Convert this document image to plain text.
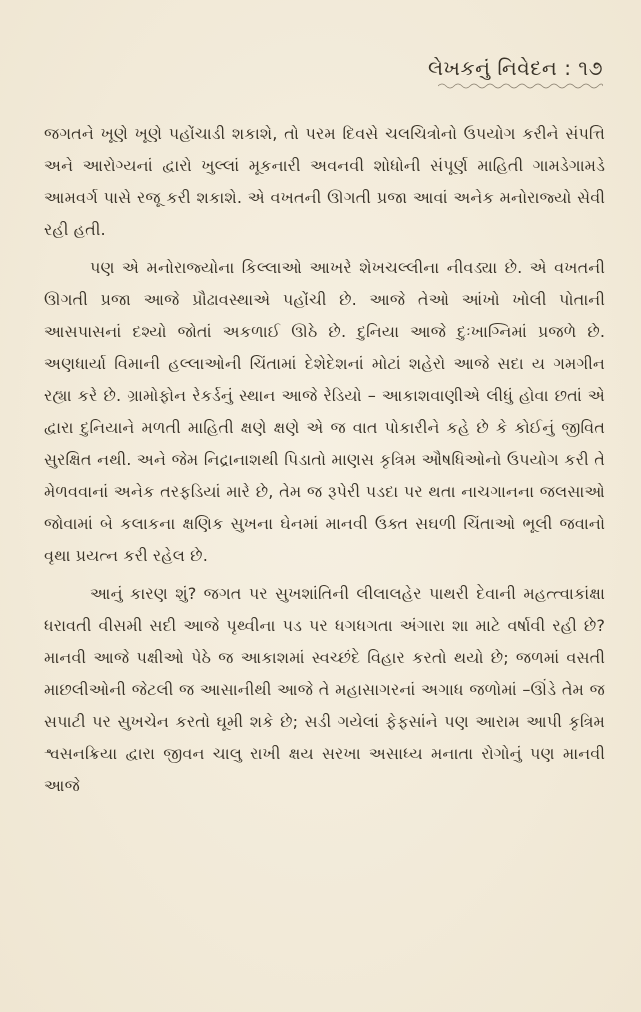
લેખકનું નિવેદન : ૧૭

જગતને ખૂણે ખૂણે પહોંચાડી શકાશે, તો પરમ દિવસે ચલચિત્રોનો ઉપયોગ કરીને સંપત્તિ અને આરોગ્યનાં દ્વારો ખુલ્લાં મૂકનારી અવનવી શોધોની સંપૂર્ણ માહિતી ગામડેગામડે આમવર્ગ પાસે રજૂ કરી શકાશે. એ વખતની ઊગતી પ્રજા આવાં અનેક મનોરાજ્યો સેવી રહી હતી.

પણ એ મનોરાજ્યોના કિલ્લાઓ આખરે શેખચલ્લીના નીવડ્યા છે. એ વખતની ઊગતી પ્રજા આજે પ્રૌઢાવસ્થાએ પહોંચી છે. આજે તેઓ આંખો ખોલી પોતાની આસપાસનાં દશ્યો જોતાં અકળાઈ ઊઠે છે. દુનિયા આજે દુઃખાગ્નિમાં પ્રજળે છે. અણધાર્યા વિમાની હલ્લાઓની ચિંતામાં દેશેદેશનાં મોટાં શહેરો આજે સદા ય ગમગીન રહ્યા કરે છે. ગ્રામોફોન રેકર્ડનું સ્થાન આજે રેડિયો – આકાશવાણીએ લીધું હોવા છતાં એ દ્વારા દુનિયાને મળતી માહિતી ક્ષણે ક્ષણે એ જ વાત પોકારીને કહે છે કે કોઈનું જીવિત સુરક્ષિત નથી. અને જેમ નિદ્રાનાશથી પિડાતો માણસ કૃત્રિમ ઔષધિઓનો ઉપયોગ કરી તે મેળવવાનાં અનેક તરફડિયાં મારે છે, તેમ જ રૂપેરી પડદા પર થતા નાચગાનના જલસાઓ જોવામાં બે કલાકના ક્ષણિક સુખના ઘેનમાં માનવી ઉક્ત સઘળી ચિંતાઓ ભૂલી જવાનો વૃથા પ્રયત્ન કરી રહેલ છે.

આનું કારણ શું? જગત પર સુખશાંતિની લીલાલહેર પાથરી દેવાની મહત્ત્વાકાંક્ષા ધરાવતી વીસમી સદી આજે પૃથ્વીના પડ પર ધગધગતા અંગારા શા માટે વર્ષાવી રહી છે? માનવી આજે પક્ષીઓ પેઠે જ આકાશમાં સ્વચ્છંદે વિહાર કરતો થયો છે; જળમાં વસતી માછલીઓની જેટલી જ આસાનીથી આજે તે મહાસાગરનાં અગાધ જળોમાં –ઊંડે તેમ જ સપાટી પર સુખચેન કરતો ઘૂમી શકે છે; સડી ગયેલાં ફેફસાંને પણ આરામ આપી કૃત્રિમ શ્વસનક્રિયા દ્વારા જીવન ચાલુ રાખી ક્ષય સરખા અસાધ્ય મનાતા રોગોનું પણ માનવી આજે
